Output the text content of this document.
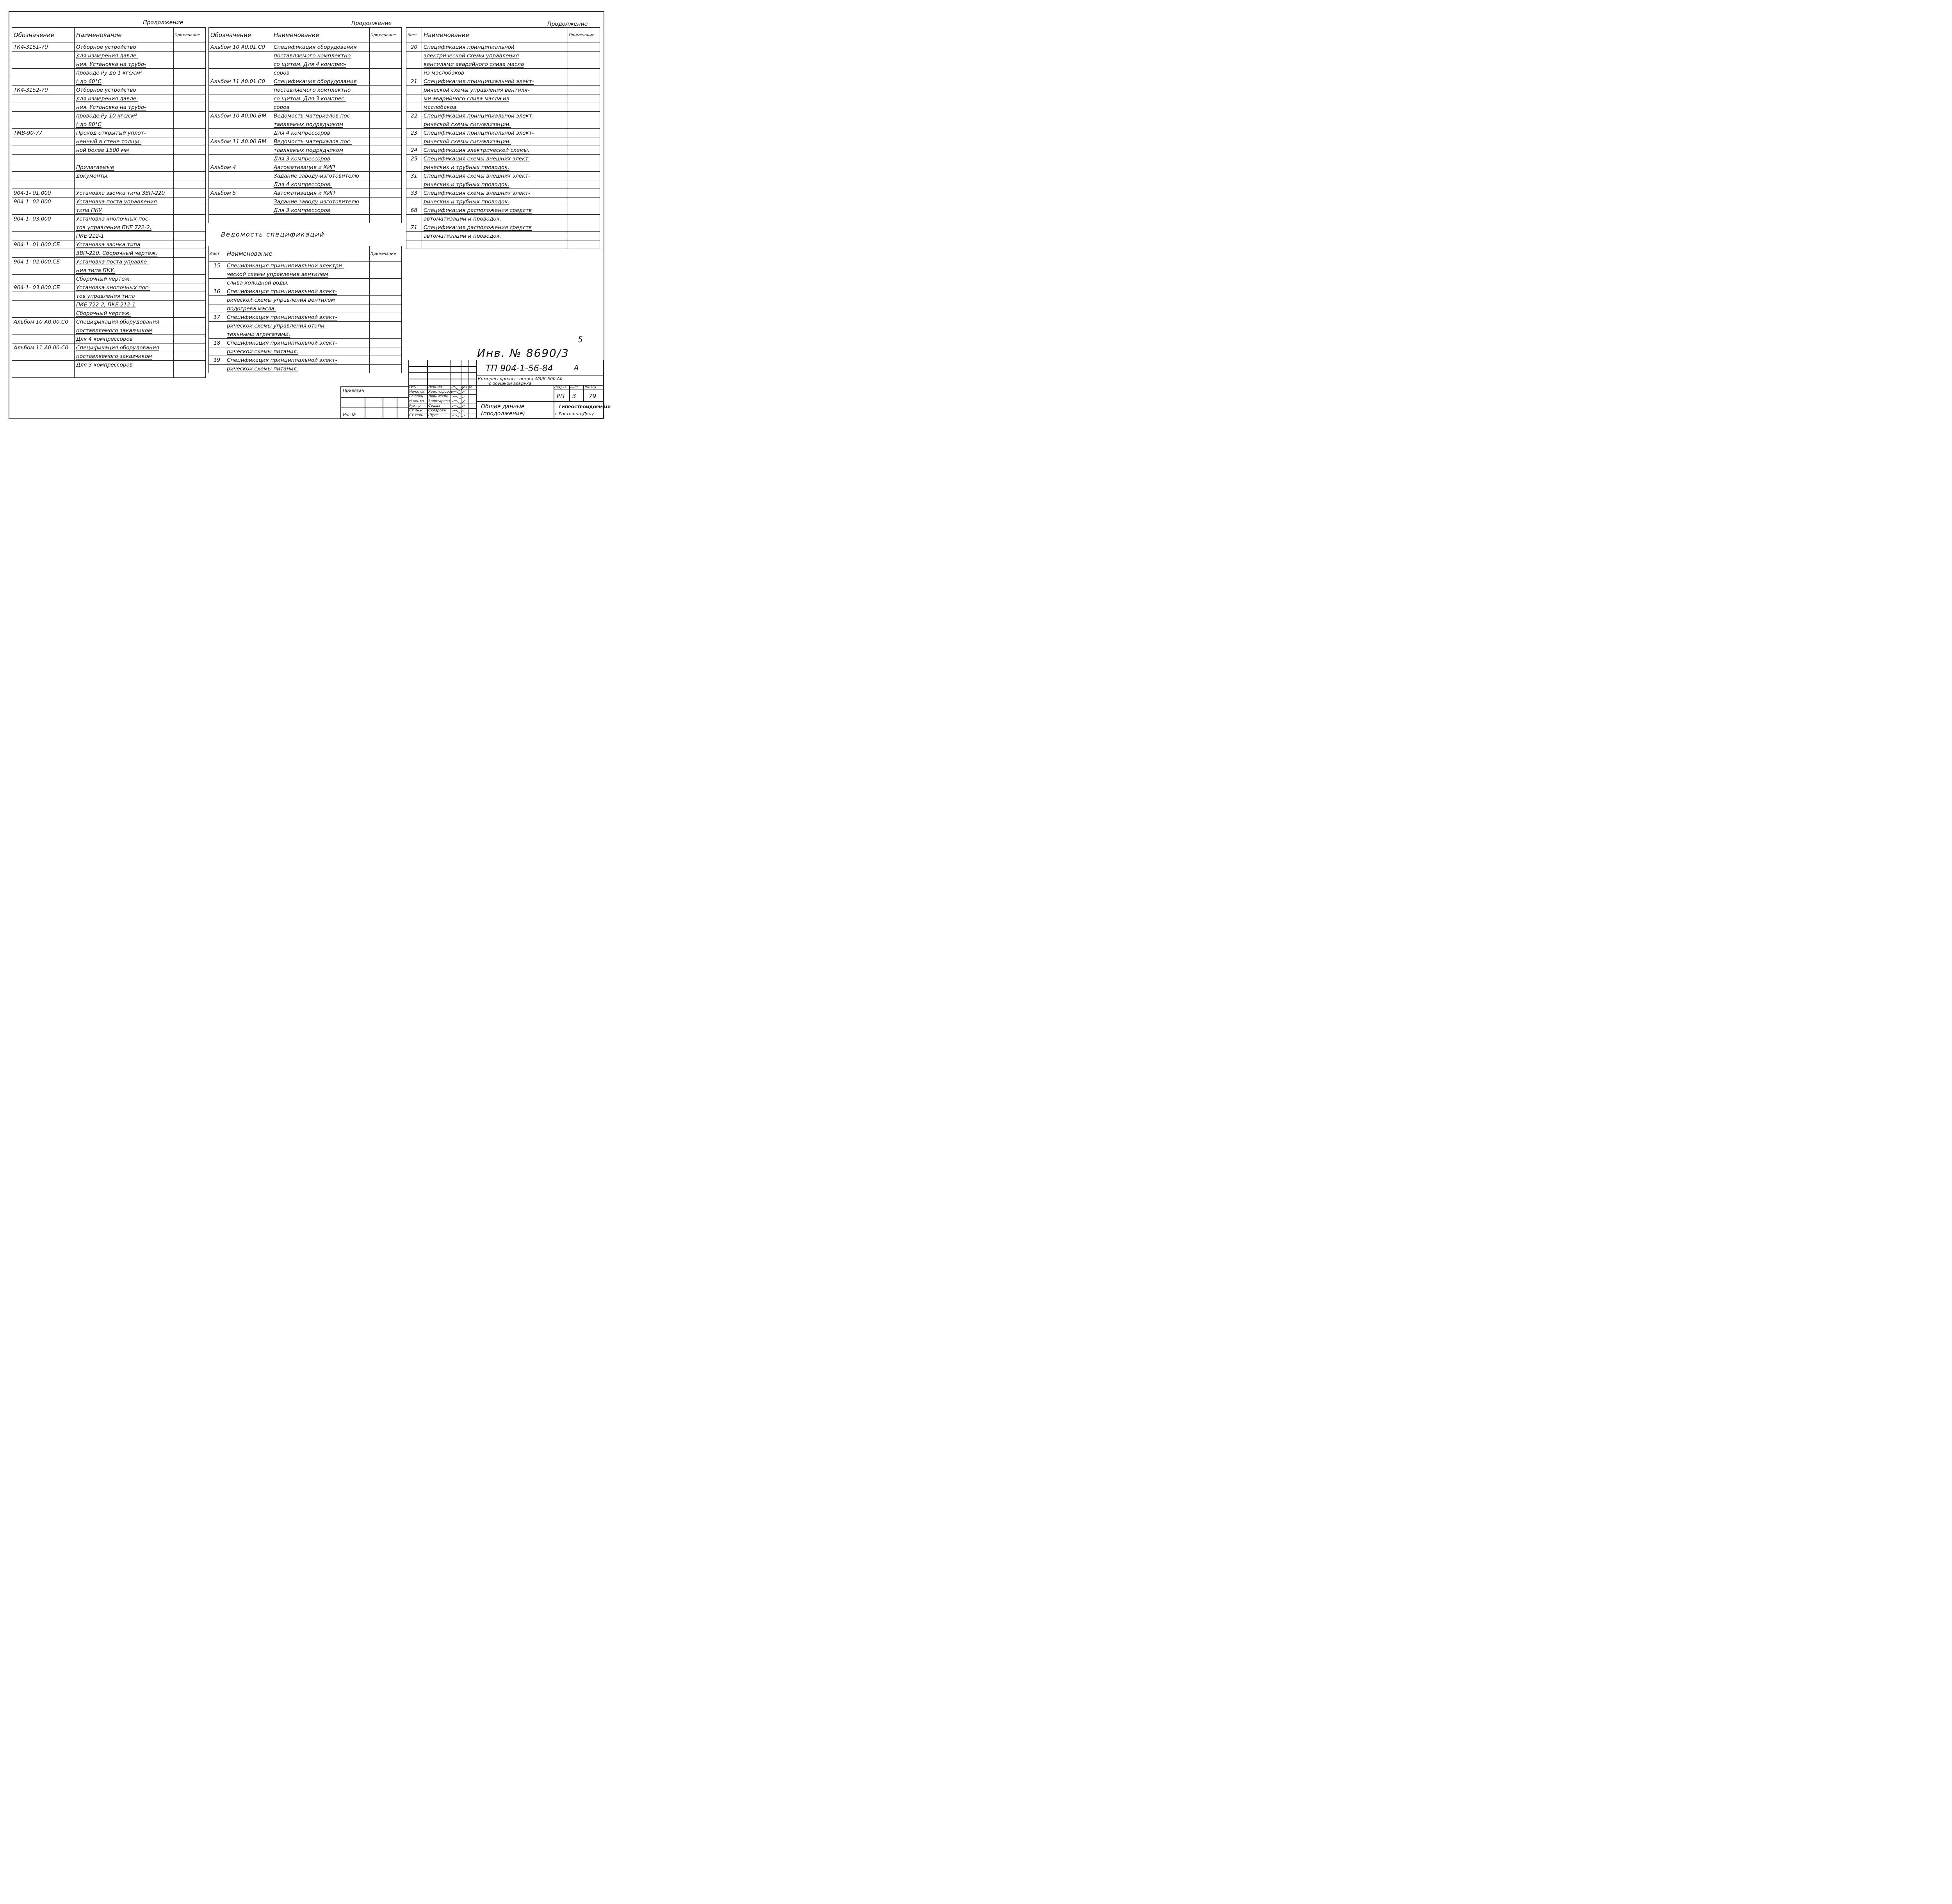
Продолжение	Продолжение	Продолжение
Ведомость спецификаций
Обозначение	Наименование	Примечание
ТК4-3151-70	Отборное устройство	
	для измерения давле-	
	ния. Установка на трубо-	
	проводе Ру до 1 кгс/см²	
	t до 60°С	
ТК4-3152-70	Отборное устройство	
	для измерения давле-	
	ния. Установка на трубо-	
	проводе Ру 10 кгс/см²	
	t до 80°С	
ТМВ-90-77	Проход открытый уплот-	
	ненный в стене толщи-	
	ной более 1500 мм	

	Прилагаемые	
	документы.	

904-1- 01.000	Установка звонка типа ЗВП-220	
904-1- 02.000	Установка поста управления	
	типа ПКУ	
904-1- 03.000	Установка кнопочных пос-	
	тов управления ПКЕ 722-2,	
	ПКЕ 212-1	
904-1- 01.000.СБ	Установка звонка типа	
	ЗВП-220. Сборочный чертеж.	
904-1- 02.000.СБ	Установка поста управле-	
	ния типа ПКУ.	
	Сборочный чертеж.	
904-1- 03.000.СБ	Установка кнопочных пос-	
	тов управления типа	
	ПКЕ 722-2, ПКЕ 212-1	
	Сборочный чертеж.	
Альбом 10 А0.00.С0	Спецификация оборудования	
	поставляемого заказчиком	
	Для 4 компрессоров	
Альбом 11 А0.00.С0	Спецификация оборудования	
	поставляемого заказчиком	
	Для 3 компрессоров	

Обозначение	Наименование	Примечание
Альбом 10 А0.01.С0	Спецификация оборудования	
	поставляемого комплектно	
	со щитом. Для 4 компрес-	
	соров	
Альбом 11 А0.01.С0	Спецификация оборудования	
	поставляемого комплектно	
	со щитом. Для 3 компрес-	
	соров	
Альбом 10 А0.00.ВМ	Ведомость материалов пос-	
	тавляемых подрядчиком	
	Для 4 компрессоров	
Альбом 11 А0.00.ВМ	Ведомость материалов пос-	
	тавляемых подрядчиком	
	Для 3 компрессоров	
Альбом 4	Автоматизация и КИП	
	Задание заводу-изготовителю	
	Для 4 компрессоров.	
Альбом 5	Автоматизация и КИП	
	Задание заводу-изготовителю	
	Для 3 компрессоров	

Лист	Наименование	Примечание
20	Спецификация принципиальной	
	электрической схемы управления	
	вентилями аварийного слива масла	
	из маслобаков	
21	Спецификация принципиальной элект-	
	рической схемы управления вентиля-	
	ми аварийного слива масла из	
	маслобаков.	
22	Спецификация принципиальной элект-	
	рической схемы сигнализации.	
23	Спецификация принципиальной элект-	
	рической схемы сигнализации.	
24	Спецификация электрической схемы.	
25	Спецификация схемы внешних элект-	
	рических и трубных проводок.	
31	Спецификация схемы внешних элект-	
	рических и трубных проводок.	
33	Спецификация схемы внешних элект-	
	рических и трубных проводок.	
68	Спецификация расположения средств	
	автоматизации и проводок.	
71	Спецификация расположения средств	
	автоматизации и проводок.	

Лист	Наименование	Примечание
15	Спецификация принципиальной электри-	
	ческой схемы управления вентилем	
	слива холодной воды.	
16	Спецификация принципиальной элект-	
	рической схемы управления вентилем	
	подогрева масла.	
17	Спецификация принципиальной элект-	
	рической схемы управления отопи-	
	тельными агрегатами.	
18	Спецификация принципиальной элект-	
	рической схемы питания.	
19	Спецификация принципиальной элект-	
	рической схемы питания.	
5
Инв. № 8690/3
Привязан
Инв.№
ТП 904-1-56-84	А
Компрессорная станция 4/3/К-500 А0
с осушкой воздуха
ГИП	Леонов
Нач.отд. Христофоров
Гл.спец. Левинский
Н.контр. Золотарева
Рук.гр. Седых
Ст.инж. Склярова
Ст.техн Шуст
25.5.83	Стадия Лист Листов
РП 3 79
Общие данные
(продолжение)
ГИПРОСТРОЙДОРМАШ
г.Ростов-на-Дону
